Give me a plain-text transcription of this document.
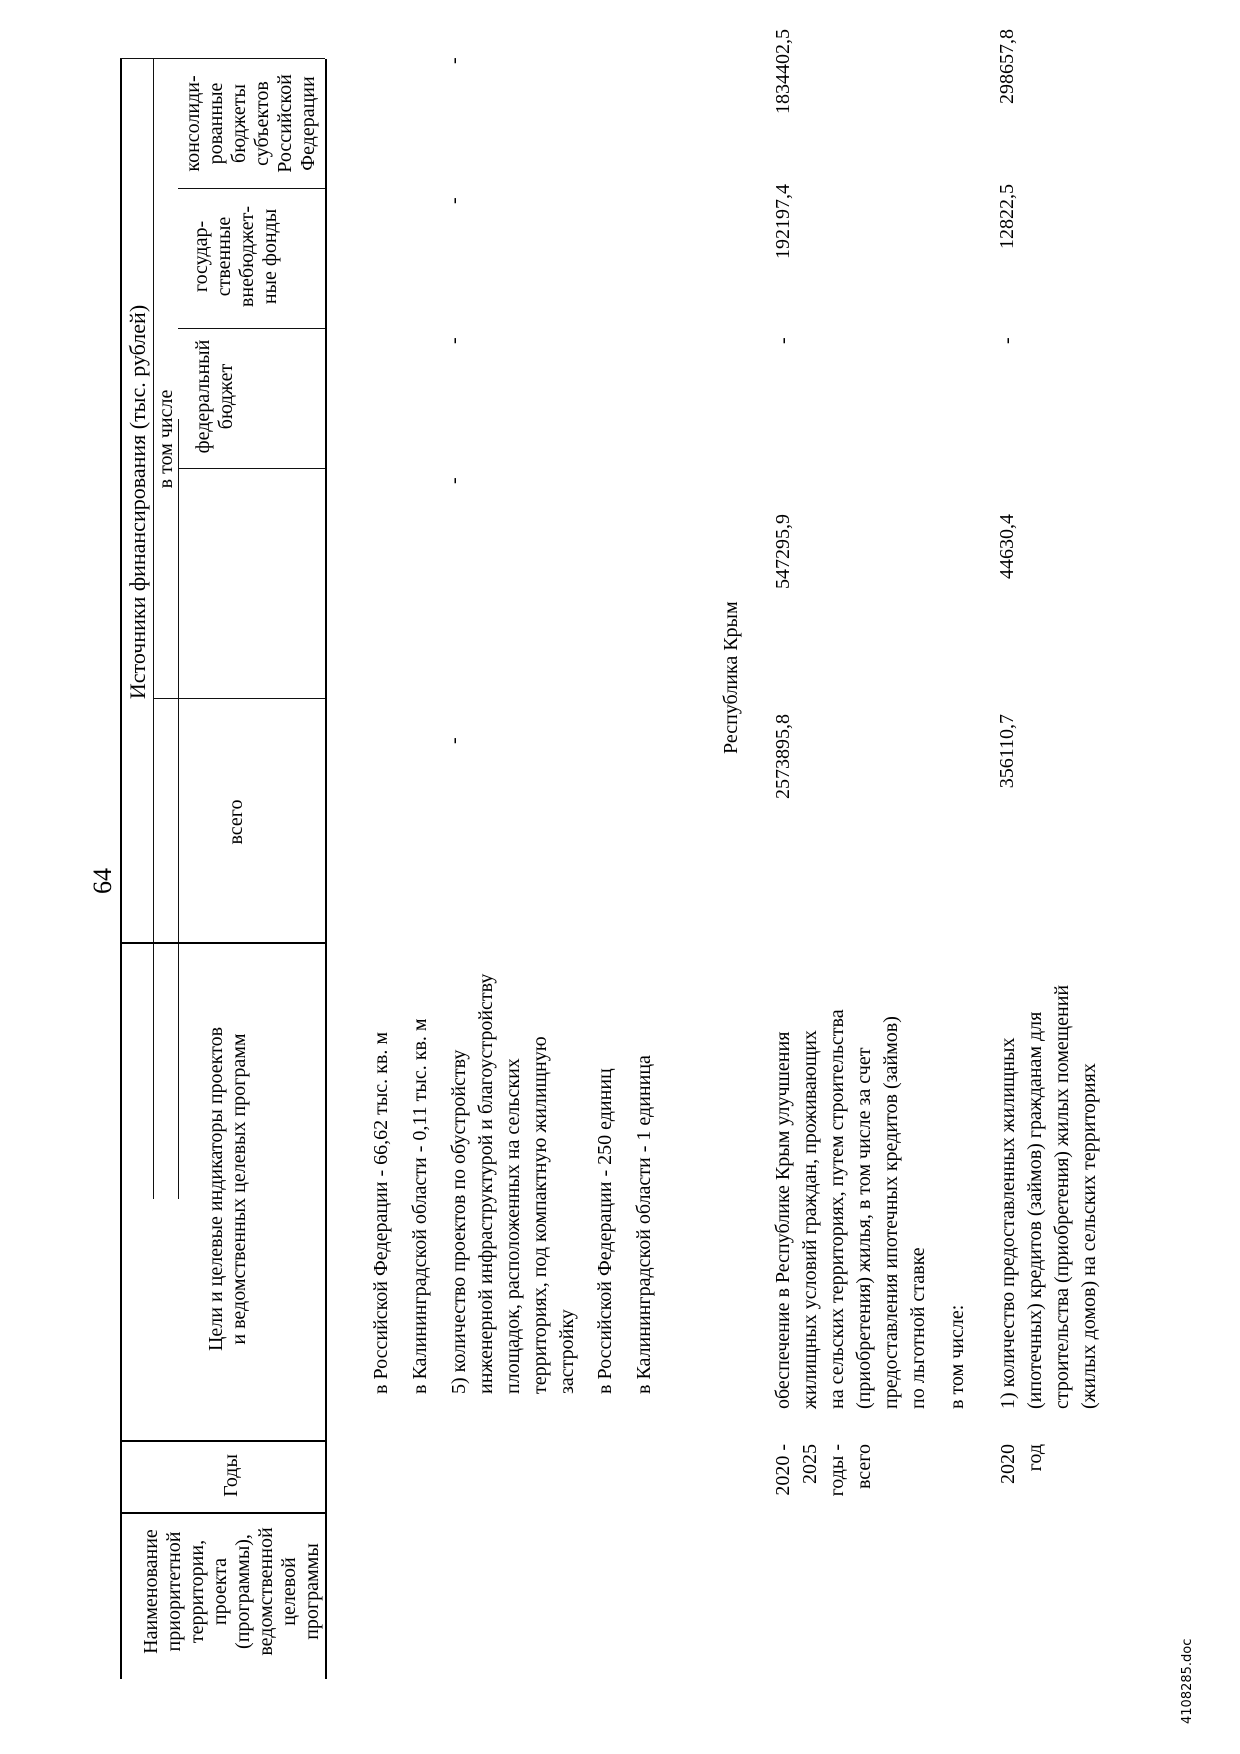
64
Наименование приоритетной территории, проекта (программы), ведомственной целевой программы
Годы
Цели и целевые индикаторы проектов и ведомственных целевых программ
Источники финансирования (тыс. рублей)
всего
в том числе федеральный бюджет
государ- ственные внебюджет- ные фонды
консолиди- рованные бюджеты субъектов Российской Федерации
в Российской Федерации - 66,62 тыс. кв. м в Калининградской области - 0,11 тыс. кв. м 5) количество проектов по обустройству инженерной инфраструктурой и благоустройству площадок, расположенных на сельских территориях, под компактную жилищную застройку в Российской Федерации - 250 единиц в Калининградской области - 1 единица
-
-
-
-
-
Республика Крым
2020 - 2025 годы - всего
обеспечение в Республике Крым улучшения жилищных условий граждан, проживающих на сельских территориях, путем строительства (приобретения) жилья, в том числе за счет предоставления ипотечных кредитов (займов) по льготной ставке в том числе:
2573895,8
547295,9
-
192197,4
1834402,5
2020 год
1) количество предоставленных жилищных (ипотечных) кредитов (займов) гражданам для строительства (приобретения) жилых помещений (жилых домов) на сельских территориях
356110,7
44630,4
-
12822,5
298657,8
4108285.doc
